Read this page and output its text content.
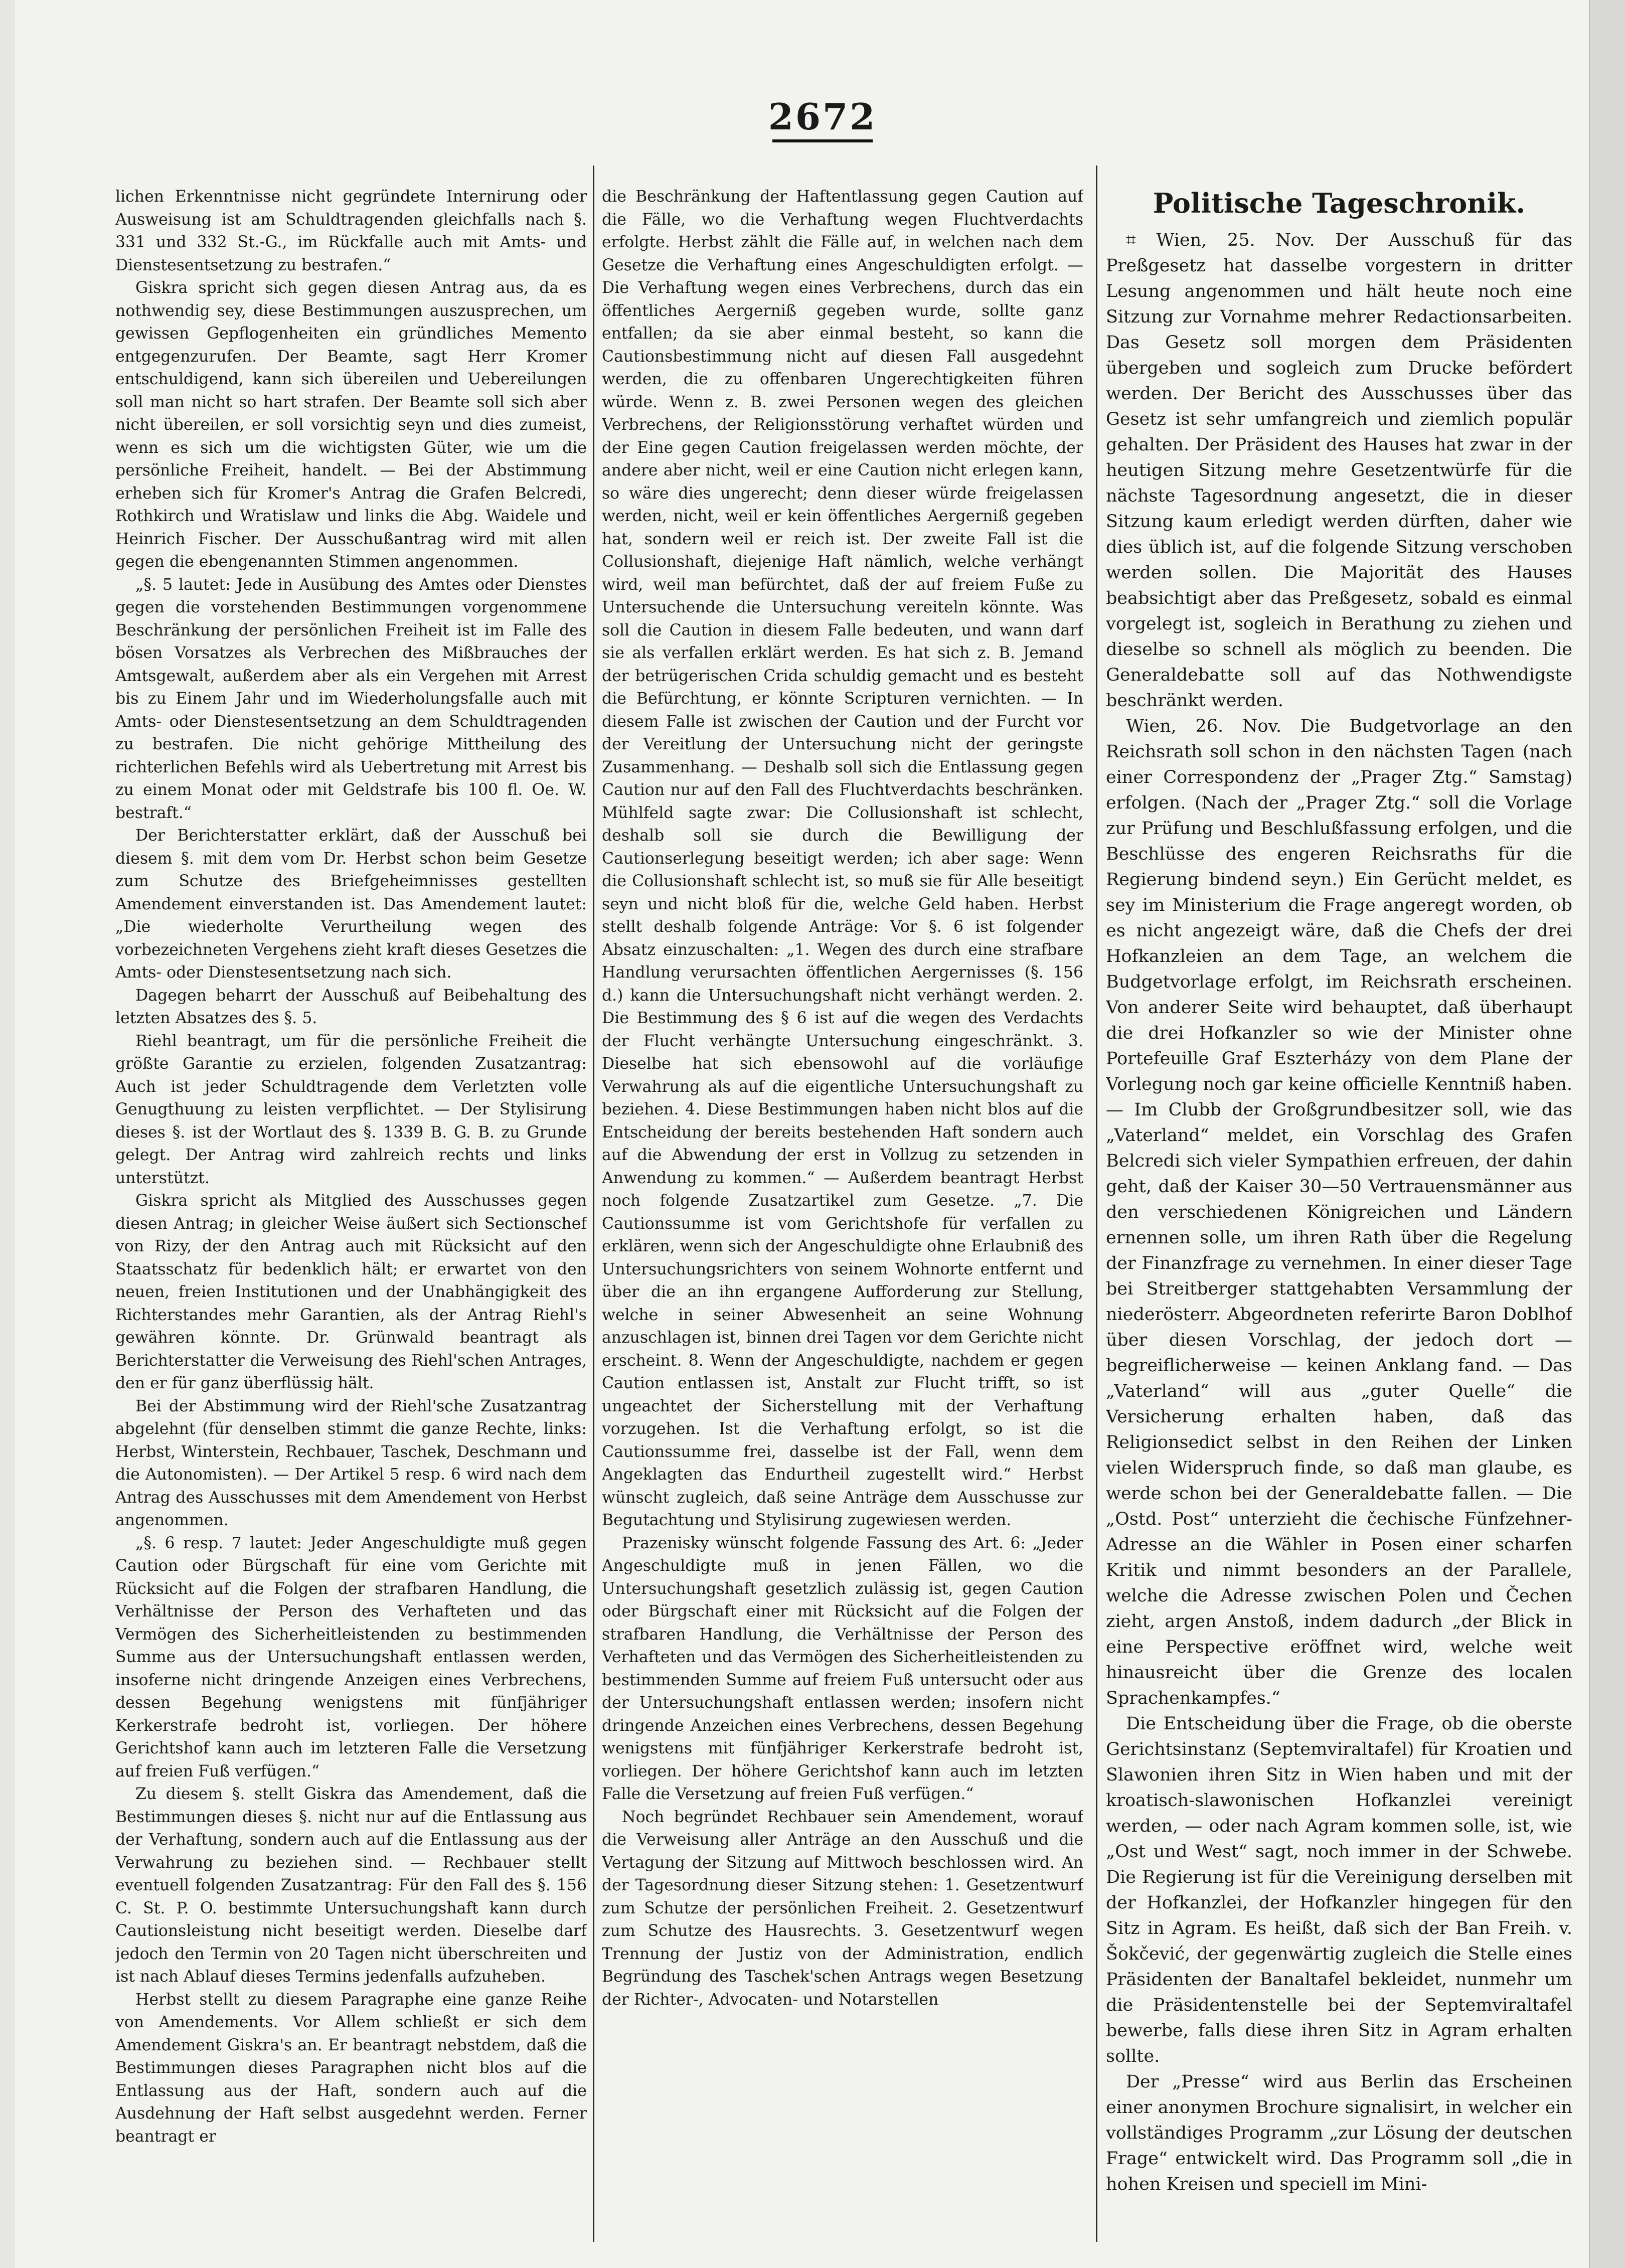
2672

lichen Erkenntnisse nicht gegründete Internirung oder Ausweisung ist am Schuldtragenden gleichfalls nach §. 331 und 332 St.-G., im Rückfalle auch mit Amts- und Dienstesentsetzung zu bestrafen.“

Giskra spricht sich gegen diesen Antrag aus, da es nothwendig sey, diese Bestimmungen auszusprechen, um gewissen Gepflogenheiten ein gründliches Memento entgegenzurufen. Der Beamte, sagt Herr Kromer entschuldigend, kann sich übereilen und Uebereilungen soll man nicht so hart strafen. Der Beamte soll sich aber nicht übereilen, er soll vorsichtig seyn und dies zumeist, wenn es sich um die wichtigsten Güter, wie um die persönliche Freiheit, handelt. — Bei der Abstimmung erheben sich für Kromer's Antrag die Grafen Belcredi, Rothkirch und Wratislaw und links die Abg. Waidele und Heinrich Fischer. Der Ausschußantrag wird mit allen gegen die ebengenannten Stimmen angenommen.

„§. 5 lautet: Jede in Ausübung des Amtes oder Dienstes gegen die vorstehenden Bestimmungen vorgenommene Beschränkung der persönlichen Freiheit ist im Falle des bösen Vorsatzes als Verbrechen des Mißbrauches der Amtsgewalt, außerdem aber als ein Vergehen mit Arrest bis zu Einem Jahr und im Wiederholungsfalle auch mit Amts- oder Dienstesentsetzung an dem Schuldtragenden zu bestrafen. Die nicht gehörige Mittheilung des richterlichen Befehls wird als Uebertretung mit Arrest bis zu einem Monat oder mit Geldstrafe bis 100 fl. Oe. W. bestraft.“

Der Berichterstatter erklärt, daß der Ausschuß bei diesem §. mit dem vom Dr. Herbst schon beim Gesetze zum Schutze des Briefgeheimnisses gestellten Amendement einverstanden ist. Das Amendement lautet: „Die wiederholte Verurtheilung wegen des vorbezeichneten Vergehens zieht kraft dieses Gesetzes die Amts- oder Dienstesentsetzung nach sich.

Dagegen beharrt der Ausschuß auf Beibehaltung des letzten Absatzes des §. 5.

Riehl beantragt, um für die persönliche Freiheit die größte Garantie zu erzielen, folgenden Zusatzantrag: Auch ist jeder Schuldtragende dem Verletzten volle Genugthuung zu leisten verpflichtet. — Der Stylisirung dieses §. ist der Wortlaut des §. 1339 B. G. B. zu Grunde gelegt. Der Antrag wird zahlreich rechts und links unterstützt.

Giskra spricht als Mitglied des Ausschusses gegen diesen Antrag; in gleicher Weise äußert sich Sectionschef von Rizy, der den Antrag auch mit Rücksicht auf den Staatsschatz für bedenklich hält; er erwartet von den neuen, freien Institutionen und der Unabhängigkeit des Richterstandes mehr Garantien, als der Antrag Riehl's gewähren könnte. Dr. Grünwald beantragt als Berichterstatter die Verweisung des Riehl'schen Antrages, den er für ganz überflüssig hält.

Bei der Abstimmung wird der Riehl'sche Zusatzantrag abgelehnt (für denselben stimmt die ganze Rechte, links: Herbst, Winterstein, Rechbauer, Taschek, Deschmann und die Autonomisten). — Der Artikel 5 resp. 6 wird nach dem Antrag des Ausschusses mit dem Amendement von Herbst angenommen.

„§. 6 resp. 7 lautet: Jeder Angeschuldigte muß gegen Caution oder Bürgschaft für eine vom Gerichte mit Rücksicht auf die Folgen der strafbaren Handlung, die Verhältnisse der Person des Verhafteten und das Vermögen des Sicherheitleistenden zu bestimmenden Summe aus der Untersuchungshaft entlassen werden, insoferne nicht dringende Anzeigen eines Verbrechens, dessen Begehung wenigstens mit fünfjähriger Kerkerstrafe bedroht ist, vorliegen. Der höhere Gerichtshof kann auch im letzteren Falle die Versetzung auf freien Fuß verfügen.“

Zu diesem §. stellt Giskra das Amendement, daß die Bestimmungen dieses §. nicht nur auf die Entlassung aus der Verhaftung, sondern auch auf die Entlassung aus der Verwahrung zu beziehen sind. — Rechbauer stellt eventuell folgenden Zusatzantrag: Für den Fall des §. 156 C. St. P. O. bestimmte Untersuchungshaft kann durch Cautionsleistung nicht beseitigt werden. Dieselbe darf jedoch den Termin von 20 Tagen nicht überschreiten und ist nach Ablauf dieses Termins jedenfalls aufzuheben.

Herbst stellt zu diesem Paragraphe eine ganze Reihe von Amendements. Vor Allem schließt er sich dem Amendement Giskra's an. Er beantragt nebstdem, daß die Bestimmungen dieses Paragraphen nicht blos auf die Entlassung aus der Haft, sondern auch auf die Ausdehnung der Haft selbst ausgedehnt werden. Ferner beantragt er

die Beschränkung der Haftentlassung gegen Caution auf die Fälle, wo die Verhaftung wegen Fluchtverdachts erfolgte. Herbst zählt die Fälle auf, in welchen nach dem Gesetze die Verhaftung eines Angeschuldigten erfolgt. — Die Verhaftung wegen eines Verbrechens, durch das ein öffentliches Aergerniß gegeben wurde, sollte ganz entfallen; da sie aber einmal besteht, so kann die Cautionsbestimmung nicht auf diesen Fall ausgedehnt werden, die zu offenbaren Ungerechtigkeiten führen würde. Wenn z. B. zwei Personen wegen des gleichen Verbrechens, der Religionsstörung verhaftet würden und der Eine gegen Caution freigelassen werden möchte, der andere aber nicht, weil er eine Caution nicht erlegen kann, so wäre dies ungerecht; denn dieser würde freigelassen werden, nicht, weil er kein öffentliches Aergerniß gegeben hat, sondern weil er reich ist. Der zweite Fall ist die Collusionshaft, diejenige Haft nämlich, welche verhängt wird, weil man befürchtet, daß der auf freiem Fuße zu Untersuchende die Untersuchung vereiteln könnte. Was soll die Caution in diesem Falle bedeuten, und wann darf sie als verfallen erklärt werden. Es hat sich z. B. Jemand der betrügerischen Crida schuldig gemacht und es besteht die Befürchtung, er könnte Scripturen vernichten. — In diesem Falle ist zwischen der Caution und der Furcht vor der Vereitlung der Untersuchung nicht der geringste Zusammenhang. — Deshalb soll sich die Entlassung gegen Caution nur auf den Fall des Fluchtverdachts beschränken. Mühlfeld sagte zwar: Die Collusionshaft ist schlecht, deshalb soll sie durch die Bewilligung der Cautionserlegung beseitigt werden; ich aber sage: Wenn die Collusionshaft schlecht ist, so muß sie für Alle beseitigt seyn und nicht bloß für die, welche Geld haben. Herbst stellt deshalb folgende Anträge: Vor §. 6 ist folgender Absatz einzuschalten: „1. Wegen des durch eine strafbare Handlung verursachten öffentlichen Aergernisses (§. 156 d.) kann die Untersuchungshaft nicht verhängt werden. 2. Die Bestimmung des § 6 ist auf die wegen des Verdachts der Flucht verhängte Untersuchung eingeschränkt. 3. Dieselbe hat sich ebensowohl auf die vorläufige Verwahrung als auf die eigentliche Untersuchungshaft zu beziehen. 4. Diese Bestimmungen haben nicht blos auf die Entscheidung der bereits bestehenden Haft sondern auch auf die Abwendung der erst in Vollzug zu setzenden in Anwendung zu kommen.“ — Außerdem beantragt Herbst noch folgende Zusatzartikel zum Gesetze. „7. Die Cautionssumme ist vom Gerichtshofe für verfallen zu erklären, wenn sich der Angeschuldigte ohne Erlaubniß des Untersuchungsrichters von seinem Wohnorte entfernt und über die an ihn ergangene Aufforderung zur Stellung, welche in seiner Abwesenheit an seine Wohnung anzuschlagen ist, binnen drei Tagen vor dem Gerichte nicht erscheint. 8. Wenn der Angeschuldigte, nachdem er gegen Caution entlassen ist, Anstalt zur Flucht trifft, so ist ungeachtet der Sicherstellung mit der Verhaftung vorzugehen. Ist die Verhaftung erfolgt, so ist die Cautionssumme frei, dasselbe ist der Fall, wenn dem Angeklagten das Endurtheil zugestellt wird.“ Herbst wünscht zugleich, daß seine Anträge dem Ausschusse zur Begutachtung und Stylisirung zugewiesen werden.

Prazenisky wünscht folgende Fassung des Art. 6: „Jeder Angeschuldigte muß in jenen Fällen, wo die Untersuchungshaft gesetzlich zulässig ist, gegen Caution oder Bürgschaft einer mit Rücksicht auf die Folgen der strafbaren Handlung, die Verhältnisse der Person des Verhafteten und das Vermögen des Sicherheitleistenden zu bestimmenden Summe auf freiem Fuß untersucht oder aus der Untersuchungshaft entlassen werden; insofern nicht dringende Anzeichen eines Verbrechens, dessen Begehung wenigstens mit fünfjähriger Kerkerstrafe bedroht ist, vorliegen. Der höhere Gerichtshof kann auch im letzten Falle die Versetzung auf freien Fuß verfügen.“

Noch begründet Rechbauer sein Amendement, worauf die Verweisung aller Anträge an den Ausschuß und die Vertagung der Sitzung auf Mittwoch beschlossen wird. An der Tagesordnung dieser Sitzung stehen: 1. Gesetzentwurf zum Schutze der persönlichen Freiheit. 2. Gesetzentwurf zum Schutze des Hausrechts. 3. Gesetzentwurf wegen Trennung der Justiz von der Administration, endlich Begründung des Taschek'schen Antrags wegen Besetzung der Richter-, Advocaten- und Notarstellen

Politische Tageschronik.

⌗ Wien, 25. Nov. Der Ausschuß für das Preßgesetz hat dasselbe vorgestern in dritter Lesung angenommen und hält heute noch eine Sitzung zur Vornahme mehrer Redactionsarbeiten. Das Gesetz soll morgen dem Präsidenten übergeben und sogleich zum Drucke befördert werden. Der Bericht des Ausschusses über das Gesetz ist sehr umfangreich und ziemlich populär gehalten. Der Präsident des Hauses hat zwar in der heutigen Sitzung mehre Gesetzentwürfe für die nächste Tagesordnung angesetzt, die in dieser Sitzung kaum erledigt werden dürften, daher wie dies üblich ist, auf die folgende Sitzung verschoben werden sollen. Die Majorität des Hauses beabsichtigt aber das Preßgesetz, sobald es einmal vorgelegt ist, sogleich in Berathung zu ziehen und dieselbe so schnell als möglich zu beenden. Die Generaldebatte soll auf das Nothwendigste beschränkt werden.

Wien, 26. Nov. Die Budgetvorlage an den Reichsrath soll schon in den nächsten Tagen (nach einer Correspondenz der „Prager Ztg.“ Samstag) erfolgen. (Nach der „Prager Ztg.“ soll die Vorlage zur Prüfung und Beschlußfassung erfolgen, und die Beschlüsse des engeren Reichsraths für die Regierung bindend seyn.) Ein Gerücht meldet, es sey im Ministerium die Frage angeregt worden, ob es nicht angezeigt wäre, daß die Chefs der drei Hofkanzleien an dem Tage, an welchem die Budgetvorlage erfolgt, im Reichsrath erscheinen. Von anderer Seite wird behauptet, daß überhaupt die drei Hofkanzler so wie der Minister ohne Portefeuille Graf Eszterházy von dem Plane der Vorlegung noch gar keine officielle Kenntniß haben. — Im Clubb der Großgrundbesitzer soll, wie das „Vaterland“ meldet, ein Vorschlag des Grafen Belcredi sich vieler Sympathien erfreuen, der dahin geht, daß der Kaiser 30—50 Vertrauensmänner aus den verschiedenen Königreichen und Ländern ernennen solle, um ihren Rath über die Regelung der Finanzfrage zu vernehmen. In einer dieser Tage bei Streitberger stattgehabten Versammlung der niederösterr. Abgeordneten referirte Baron Doblhof über diesen Vorschlag, der jedoch dort — begreiflicherweise — keinen Anklang fand. — Das „Vaterland“ will aus „guter Quelle“ die Versicherung erhalten haben, daß das Religionsedict selbst in den Reihen der Linken vielen Widerspruch finde, so daß man glaube, es werde schon bei der Generaldebatte fallen. — Die „Ostd. Post“ unterzieht die čechische Fünfzehner-Adresse an die Wähler in Posen einer scharfen Kritik und nimmt besonders an der Parallele, welche die Adresse zwischen Polen und Čechen zieht, argen Anstoß, indem dadurch „der Blick in eine Perspective eröffnet wird, welche weit hinausreicht über die Grenze des localen Sprachenkampfes.“

Die Entscheidung über die Frage, ob die oberste Gerichtsinstanz (Septemviraltafel) für Kroatien und Slawonien ihren Sitz in Wien haben und mit der kroatisch-slawonischen Hofkanzlei vereinigt werden, — oder nach Agram kommen solle, ist, wie „Ost und West“ sagt, noch immer in der Schwebe. Die Regierung ist für die Vereinigung derselben mit der Hofkanzlei, der Hofkanzler hingegen für den Sitz in Agram. Es heißt, daß sich der Ban Freih. v. Šokčević, der gegenwärtig zugleich die Stelle eines Präsidenten der Banaltafel bekleidet, nunmehr um die Präsidentenstelle bei der Septemviraltafel bewerbe, falls diese ihren Sitz in Agram erhalten sollte.

Der „Presse“ wird aus Berlin das Erscheinen einer anonymen Brochure signalisirt, in welcher ein vollständiges Programm „zur Lösung der deutschen Frage“ entwickelt wird. Das Programm soll „die in hohen Kreisen und speciell im Mini-
